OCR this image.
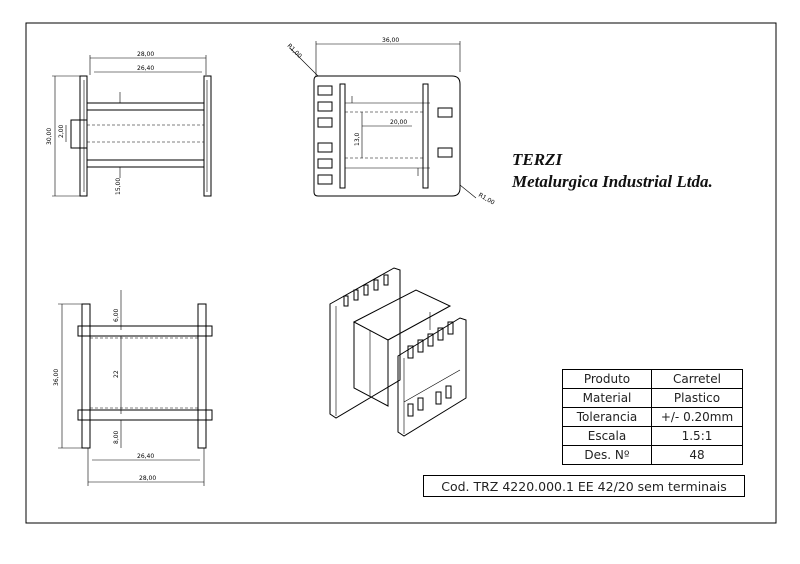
28,00
26,40
30,00 2,00
15,00
36,00
R1,00
R1,00
20,00
13,0
36,00
6,00
22
8,00
26,40
28,00
TERZI
Metalurgica Industrial Ltda.
Produto	Carretel
Material	Plastico
Tolerancia	+/- 0.20mm
Escala	1.5:1
Des. Nº	48
Cod. TRZ 4220.000.1 EE 42/20 sem terminais
